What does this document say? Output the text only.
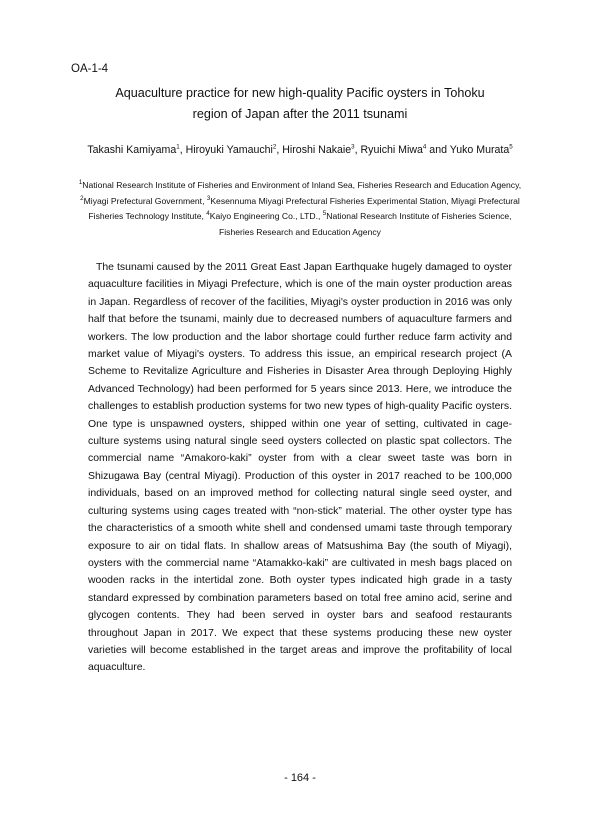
OA-1-4
Aquaculture practice for new high-quality Pacific oysters in Tohoku
region of Japan after the 2011 tsunami
Takashi Kamiyama$^1$, Hiroyuki Yamauchi$^2$, Hiroshi Nakaie$^3$, Ryuichi Miwa$^4$ and Yuko Murata$^5$
$^1$National Research Institute of Fisheries and Environment of Inland Sea, Fisheries Research and Education Agency, $^2$Miyagi Prefectural Government, $^3$Kesennuma Miyagi Prefectural Fisheries Experimental Station, Miyagi Prefectural Fisheries Technology Institute, $^4$Kaiyo Engineering Co., LTD., $^5$National Research Institute of Fisheries Science, Fisheries Research and Education Agency

The tsunami caused by the 2011 Great East Japan Earthquake hugely damaged to oyster aquaculture facilities in Miyagi Prefecture, which is one of the main oyster production areas in Japan. Regardless of recover of the facilities, Miyagi's oyster production in 2016 was only half that before the tsunami, mainly due to decreased numbers of aquaculture farmers and workers. The low production and the labor shortage could further reduce farm activity and market value of Miyagi's oysters. To address this issue, an empirical research project (A Scheme to Revitalize Agriculture and Fisheries in Disaster Area through Deploying Highly Advanced Technology) had been performed for 5 years since 2013. Here, we introduce the challenges to establish production systems for two new types of high-quality Pacific oysters. One type is unspawned oysters, shipped within one year of setting, cultivated in cage-culture systems using natural single seed oysters collected on plastic spat collectors. The commercial name “Amakoro-kaki” oyster from with a clear sweet taste was born in Shizugawa Bay (central Miyagi). Production of this oyster in 2017 reached to be 100,000 individuals, based on an improved method for collecting natural single seed oyster, and culturing systems using cages treated with “non-stick” material. The other oyster type has the characteristics of a smooth white shell and condensed umami taste through temporary exposure to air on tidal flats. In shallow areas of Matsushima Bay (the south of Miyagi), oysters with the commercial name “Atamakko-kaki” are cultivated in mesh bags placed on wooden racks in the intertidal zone. Both oyster types indicated high grade in a tasty standard expressed by combination parameters based on total free amino acid, serine and glycogen contents. They had been served in oyster bars and seafood restaurants throughout Japan in 2017. We expect that these systems producing these new oyster varieties will become established in the target areas and improve the profitability of local aquaculture.

- 164 -
